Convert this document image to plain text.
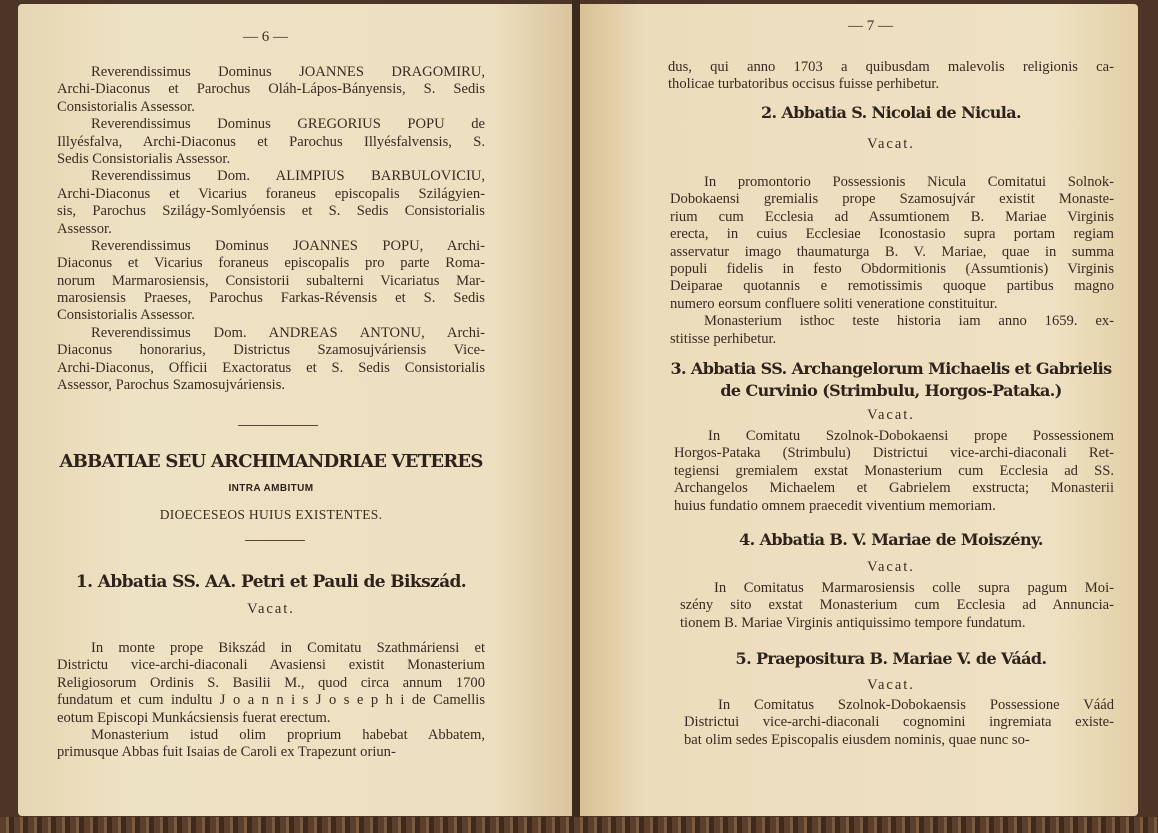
— 6 —
Reverendissimus Dominus JOANNES DRAGOMIRU,
Archi-Diaconus et Parochus Oláh-Lápos-Bányensis, S. Sedis
Consistorialis Assessor.
Reverendissimus Dominus GREGORIUS POPU de
Illyésfalva, Archi-Diaconus et Parochus Illyésfalvensis, S.
Sedis Consistorialis Assessor.
Reverendissimus Dom. ALIMPIUS BARBULOVICIU,
Archi-Diaconus et Vicarius foraneus episcopalis Szilágyien-
sis, Parochus Szilágy-Somlyóensis et S. Sedis Consistorialis
Assessor.
Reverendissimus Dominus JOANNES POPU, Archi-
Diaconus et Vicarius foraneus episcopalis pro parte Roma-
norum Marmarosiensis, Consistorii subalterni Vicariatus Mar-
marosiensis Praeses, Parochus Farkas-Révensis et S. Sedis
Consistorialis Assessor.
Reverendissimus Dom. ANDREAS ANTONU, Archi-
Diaconus honorarius, Districtus Szamosujváriensis Vice-
Archi-Diaconus, Officii Exactoratus et S. Sedis Consistorialis
Assessor, Parochus Szamosujváriensis.
ABBATIAE SEU ARCHIMANDRIAE VETERES
INTRA AMBITUM
DIOECESEOS HUIUS EXISTENTES.
1. Abbatia SS. AA. Petri et Pauli de Bikszád.
Vacat.
In monte prope Bikszád in Comitatu Szathmáriensi et
Districtu vice-archi-diaconali Avasiensi existit Monasterium
Religiosorum Ordinis S. Basilii M., quod circa annum 1700
fundatum et cum indultu J o a n n i s J o s e p h i de Camellis
eotum Episcopi Munkácsiensis fuerat erectum.
Monasterium istud olim proprium habebat Abbatem,
primusque Abbas fuit Isaias de Caroli ex Trapezunt oriun-
— 7 —
dus, qui anno 1703 a quibusdam malevolis religionis ca-
tholicae turbatoribus occisus fuisse perhibetur.
2. Abbatia S. Nicolai de Nicula.
Vacat.
In promontorio Possessionis Nicula Comitatui Solnok-
Dobokaensi gremialis prope Szamosujvár existit Monaste-
rium cum Ecclesia ad Assumtionem B. Mariae Virginis
erecta, in cuius Ecclesiae Iconostasio supra portam regiam
asservatur imago thaumaturga B. V. Mariae, quae in summa
populi fidelis in festo Obdormitionis (Assumtionis) Virginis
Deiparae quotannis e remotissimis quoque partibus magno
numero eorsum confluere soliti veneratione constituitur.
Monasterium isthoc teste historia iam anno 1659. ex-
stitisse perhibetur.
3. Abbatia SS. Archangelorum Michaelis et Gabrielis
de Curvinio (Strimbulu, Horgos-Pataka.)
Vacat.
In Comitatu Szolnok-Dobokaensi prope Possessionem
Horgos-Pataka (Strimbulu) Districtui vice-archi-diaconali Ret-
tegiensi gremialem exstat Monasterium cum Ecclesia ad SS.
Archangelos Michaelem et Gabrielem exstructa; Monasterii
huius fundatio omnem praecedit viventium memoriam.
4. Abbatia B. V. Mariae de Moiszény.
Vacat.
In Comitatus Marmarosiensis colle supra pagum Moi-
szény sito exstat Monasterium cum Ecclesia ad Annuncia-
tionem B. Mariae Virginis antiquissimo tempore fundatum.
5. Praepositura B. Mariae V. de Váád.
Vacat.
In Comitatus Szolnok-Dobokaensis Possessione Váád
Districtui vice-archi-diaconali cognomini ingremiata existe-
bat olim sedes Episcopalis eiusdem nominis, quae nunc so-
